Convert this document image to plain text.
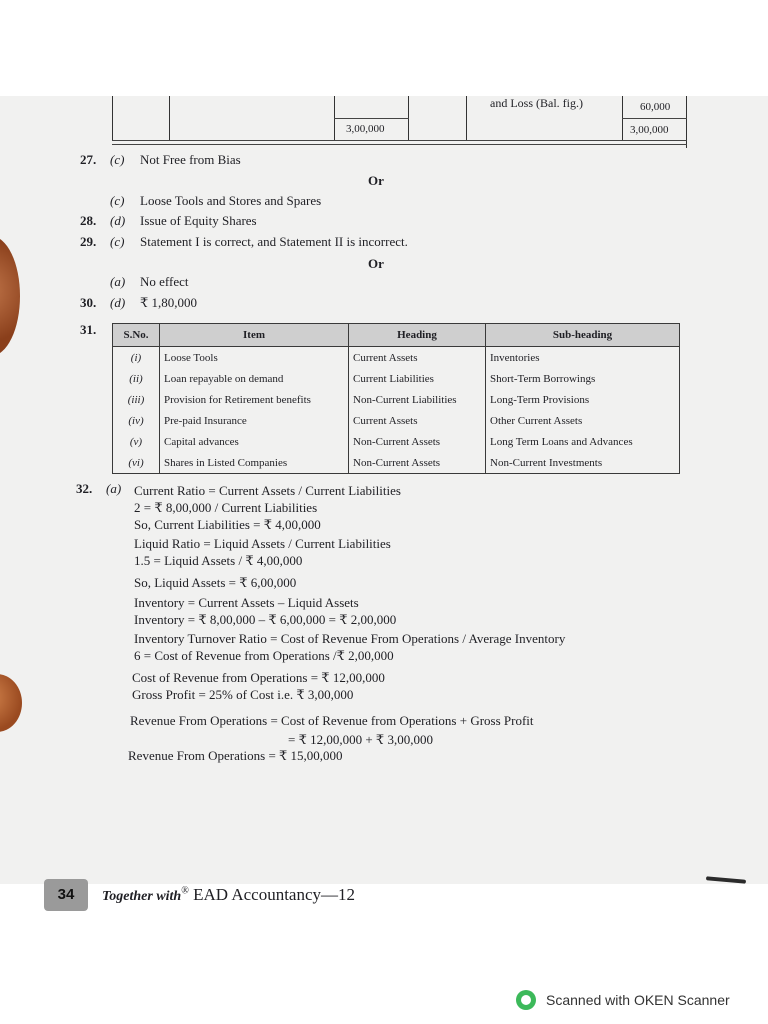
and Loss (Bal. fig.)	60,000
3,00,000	3,00,000
27. (c) Not Free from Bias
Or
(c) Loose Tools and Stores and Spares
28. (d) Issue of Equity Shares
29. (c) Statement I is correct, and Statement II is incorrect.
Or
(a) No effect
30. (d) ₹ 1,80,000
31. S.No.	Item	Heading	Sub-heading
(i)	Loose Tools	Current Assets	Inventories
(ii)	Loan repayable on demand	Current Liabilities	Short-Term Borrowings
(iii)	Provision for Retirement benefits	Non-Current Liabilities	Long-Term Provisions
(iv)	Pre-paid Insurance	Current Assets	Other Current Assets
(v)	Capital advances	Non-Current Assets	Long Term Loans and Advances
(vi)	Shares in Listed Companies	Non-Current Assets	Non-Current Investments
32. (a) Current Ratio = Current Assets / Current Liabilities
2 = ₹ 8,00,000 / Current Liabilities
So, Current Liabilities = ₹ 4,00,000
Liquid Ratio = Liquid Assets / Current Liabilities
1.5 = Liquid Assets / ₹ 4,00,000
So, Liquid Assets = ₹ 6,00,000
Inventory = Current Assets – Liquid Assets
Inventory = ₹ 8,00,000 – ₹ 6,00,000 = ₹ 2,00,000
Inventory Turnover Ratio = Cost of Revenue From Operations / Average Inventory
6 = Cost of Revenue from Operations /₹ 2,00,000
Cost of Revenue from Operations = ₹ 12,00,000
Gross Profit = 25% of Cost i.e. ₹ 3,00,000
Revenue From Operations = Cost of Revenue from Operations + Gross Profit
= ₹ 12,00,000 + ₹ 3,00,000
Revenue From Operations = ₹ 15,00,000
34	Together with® EAD Accountancy—12
Scanned with OKEN Scanner
